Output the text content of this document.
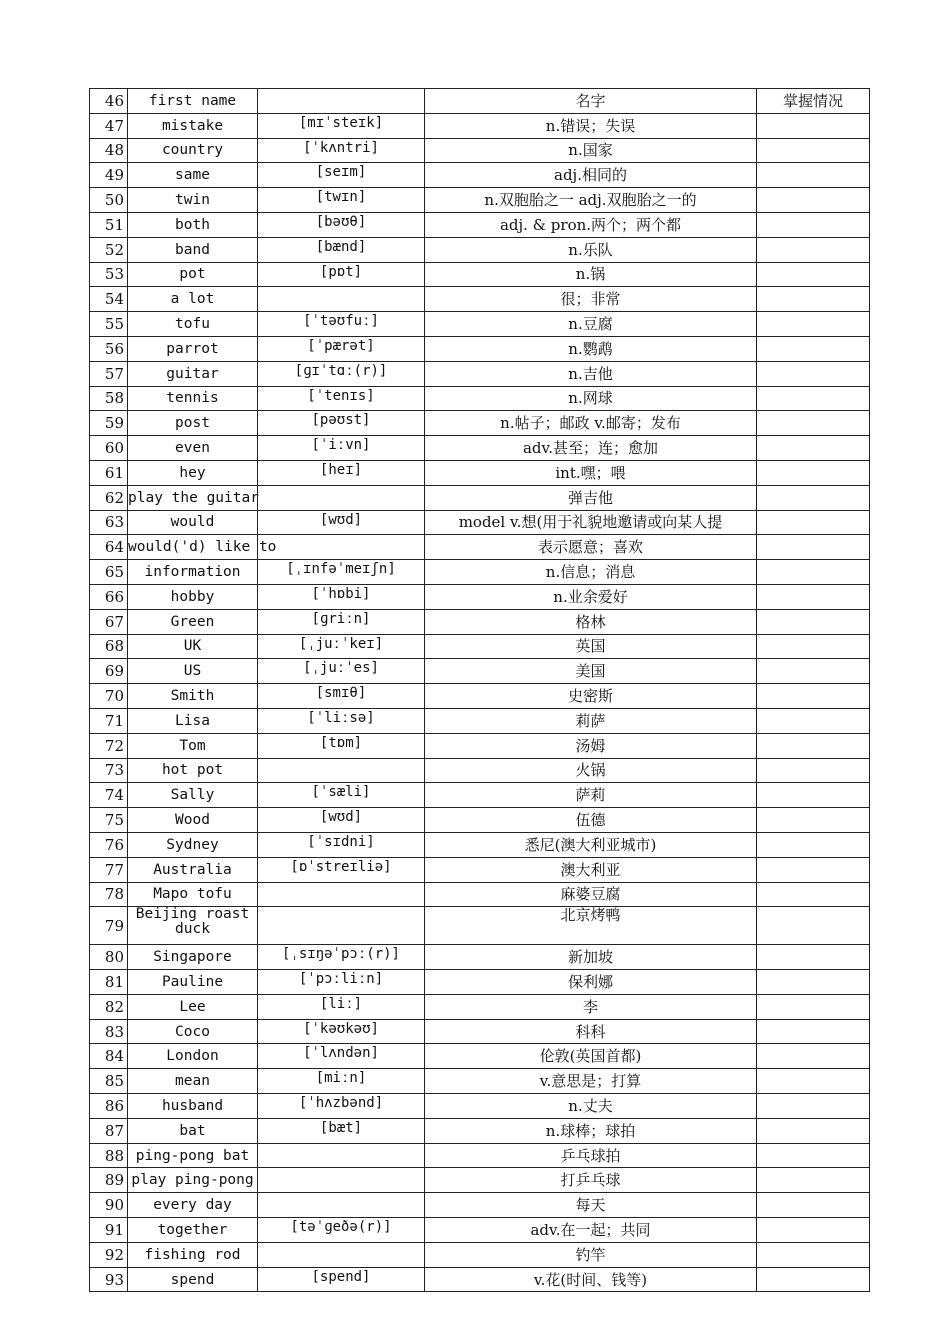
46	first name		名字	掌握情况
47	mistake	[mɪˈsteɪk]	n.错误；失误	
48	country	[ˈkʌntri]	n.国家	
49	same	[seɪm]	adj.相同的	
50	twin	[twɪn]	n.双胞胎之一 adj.双胞胎之一的	
51	both	[bəʊθ]	adj. & pron.两个；两个都	
52	band	[bænd]	n.乐队	
53	pot	[pɒt]	n.锅	
54	a lot		很；非常	
55	tofu	[ˈtəʊfuː]	n.豆腐	
56	parrot	[ˈpærət]	n.鹦鹉	
57	guitar	[ɡɪˈtɑː(r)]	n.吉他	
58	tennis	[ˈtenɪs]	n.网球	
59	post	[pəʊst]	n.帖子；邮政 v.邮寄；发布	
60	even	[ˈiːvn]	adv.甚至；连；愈加	
61	hey	[heɪ]	int.嘿；喂	
62	play the guitar		弹吉他	
63	would	[wʊd]	model v.想(用于礼貌地邀请或向某人提	
64	would('d) like to		表示愿意；喜欢	
65	information	[ˌɪnfəˈmeɪʃn]	n.信息；消息	
66	hobby	[ˈhɒbi]	n.业余爱好	
67	Green	[ɡriːn]	格林	
68	UK	[ˌjuːˈkeɪ]	英国	
69	US	[ˌjuːˈes]	美国	
70	Smith	[smɪθ]	史密斯	
71	Lisa	[ˈliːsə]	莉萨	
72	Tom	[tɒm]	汤姆	
73	hot pot		火锅	
74	Sally	[ˈsæli]	萨莉	
75	Wood	[wʊd]	伍德	
76	Sydney	[ˈsɪdni]	悉尼(澳大利亚城市)	
77	Australia	[ɒˈstreɪliə]	澳大利亚	
78	Mapo tofu		麻婆豆腐	
79	Beijing roast duck		北京烤鸭	
80	Singapore	[ˌsɪŋəˈpɔː(r)]	新加坡	
81	Pauline	[ˈpɔːliːn]	保利娜	
82	Lee	[liː]	李	
83	Coco	[ˈkəʊkəʊ]	科科	
84	London	[ˈlʌndən]	伦敦(英国首都)	
85	mean	[miːn]	v.意思是；打算	
86	husband	[ˈhʌzbənd]	n.丈夫	
87	bat	[bæt]	n.球棒；球拍	
88	ping-pong bat		乒乓球拍	
89	play ping-pong		打乒乓球	
90	every day		每天	
91	together	[təˈɡeðə(r)]	adv.在一起；共同	
92	fishing rod		钓竿	
93	spend	[spend]	v.花(时间、钱等)	
